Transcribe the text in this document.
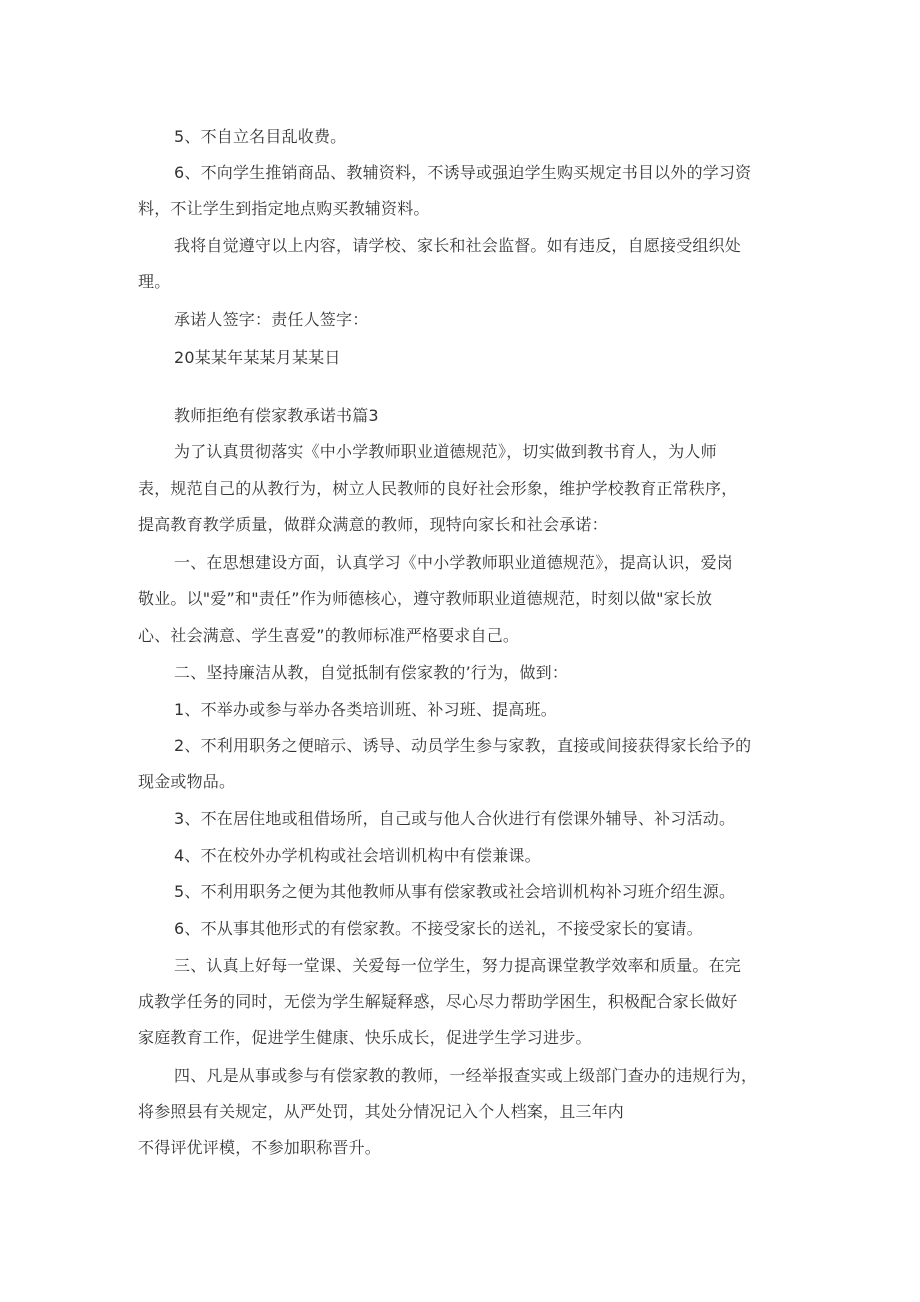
5、不自立名目乱收费。
6、不向学生推销商品、教辅资料，不诱导或强迫学生购买规定书目以外的学习资
料，不让学生到指定地点购买教辅资料。
我将自觉遵守以上内容，请学校、家长和社会监督。如有违反，自愿接受组织处
理。
承诺人签字：责任人签字：
20某某年某某月某某日
教师拒绝有偿家教承诺书篇3
为了认真贯彻落实《中小学教师职业道德规范》，切实做到教书育人，为人师
表，规范自己的从教行为，树立人民教师的良好社会形象，维护学校教育正常秩序，
提高教育教学质量，做群众满意的教师，现特向家长和社会承诺：
一、在思想建设方面，认真学习《中小学教师职业道德规范》，提高认识，爱岗
敬业。以"爱”和"责任”作为师德核心，遵守教师职业道德规范，时刻以做"家长放
心、社会满意、学生喜爱”的教师标准严格要求自己。
二、坚持廉洁从教，自觉抵制有偿家教的’行为，做到：
1、不举办或参与举办各类培训班、补习班、提高班。
2、不利用职务之便暗示、诱导、动员学生参与家教，直接或间接获得家长给予的
现金或物品。
3、不在居住地或租借场所，自己或与他人合伙进行有偿课外辅导、补习活动。
4、不在校外办学机构或社会培训机构中有偿兼课。
5、不利用职务之便为其他教师从事有偿家教或社会培训机构补习班介绍生源。
6、不从事其他形式的有偿家教。不接受家长的送礼，不接受家长的宴请。
三、认真上好每一堂课、关爱每一位学生，努力提高课堂教学效率和质量。在完
成教学任务的同时，无偿为学生解疑释惑，尽心尽力帮助学困生，积极配合家长做好
家庭教育工作，促进学生健康、快乐成长，促进学生学习进步。
四、凡是从事或参与有偿家教的教师，一经举报查实或上级部门查办的违规行为，
将参照县有关规定，从严处罚，其处分情况记入个人档案，且三年内
不得评优评模，不参加职称晋升。
